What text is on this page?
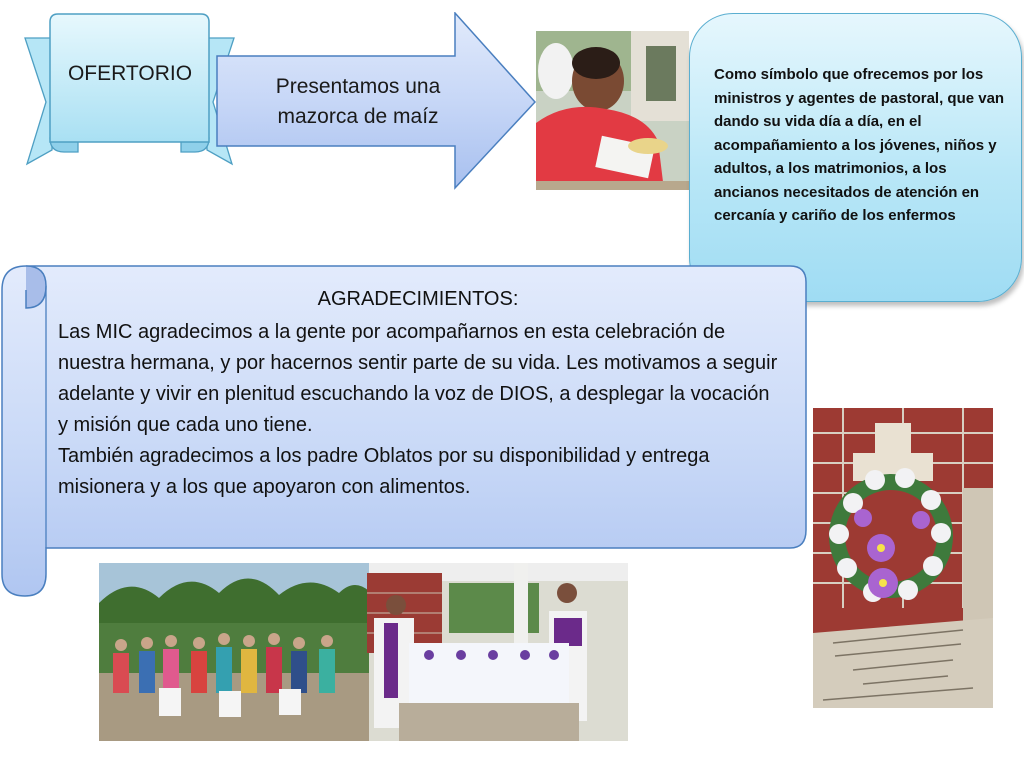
OFERTORIO
Presentamos una mazorca de maíz
Como símbolo que ofrecemos por los ministros y agentes de pastoral, que van dando su vida día a día, en el acompañamiento a los jóvenes, niños y adultos, a los matrimonios, a los ancianos necesitados de atención en cercanía y cariño de los enfermos
AGRADECIMIENTOS:

Las MIC agradecimos a la gente por acompañarnos en esta celebración de nuestra hermana, y por hacernos sentir parte de su vida. Les motivamos a seguir adelante y vivir en plenitud escuchando la voz de DIOS, a desplegar la vocación y misión que cada uno tiene.

También agradecimos a los padre Oblatos por su disponibilidad y entrega misionera y a los que apoyaron con alimentos.
